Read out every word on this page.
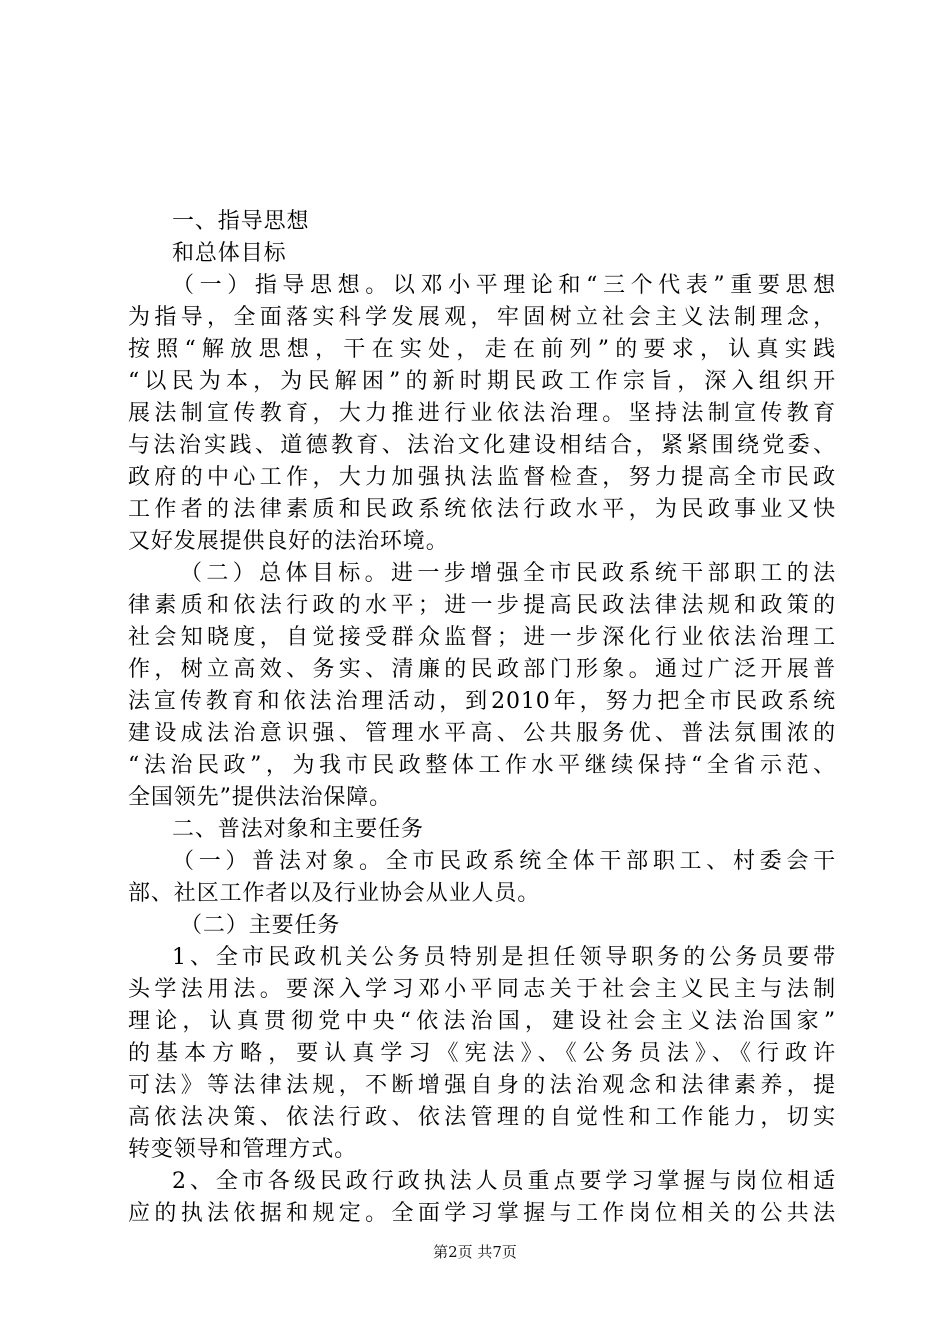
一、指导思想
和总体目标
（一）指导思想。以邓小平理论和“三个代表”重要思想
为指导，全面落实科学发展观，牢固树立社会主义法制理念，
按照“解放思想，干在实处，走在前列”的要求，认真实践
“以民为本，为民解困”的新时期民政工作宗旨，深入组织开
展法制宣传教育，大力推进行业依法治理。坚持法制宣传教育
与法治实践、道德教育、法治文化建设相结合，紧紧围绕党委、
政府的中心工作，大力加强执法监督检查，努力提高全市民政
工作者的法律素质和民政系统依法行政水平，为民政事业又快
又好发展提供良好的法治环境。
（二）总体目标。进一步增强全市民政系统干部职工的法
律素质和依法行政的水平；进一步提高民政法律法规和政策的
社会知晓度，自觉接受群众监督；进一步深化行业依法治理工
作，树立高效、务实、清廉的民政部门形象。通过广泛开展普
法宣传教育和依法治理活动，到2010年，努力把全市民政系统
建设成法治意识强、管理水平高、公共服务优、普法氛围浓的
“法治民政”，为我市民政整体工作水平继续保持“全省示范、
全国领先”提供法治保障。
二、普法对象和主要任务
（一）普法对象。全市民政系统全体干部职工、村委会干
部、社区工作者以及行业协会从业人员。
（二）主要任务
1、全市民政机关公务员特别是担任领导职务的公务员要带
头学法用法。要深入学习邓小平同志关于社会主义民主与法制
理论，认真贯彻党中央“依法治国，建设社会主义法治国家”
的基本方略，要认真学习《宪法》、《公务员法》、《行政许
可法》等法律法规，不断增强自身的法治观念和法律素养，提
高依法决策、依法行政、依法管理的自觉性和工作能力，切实
转变领导和管理方式。
2、全市各级民政行政执法人员重点要学习掌握与岗位相适
应的执法依据和规定。全面学习掌握与工作岗位相关的公共法
第2页 共7页
